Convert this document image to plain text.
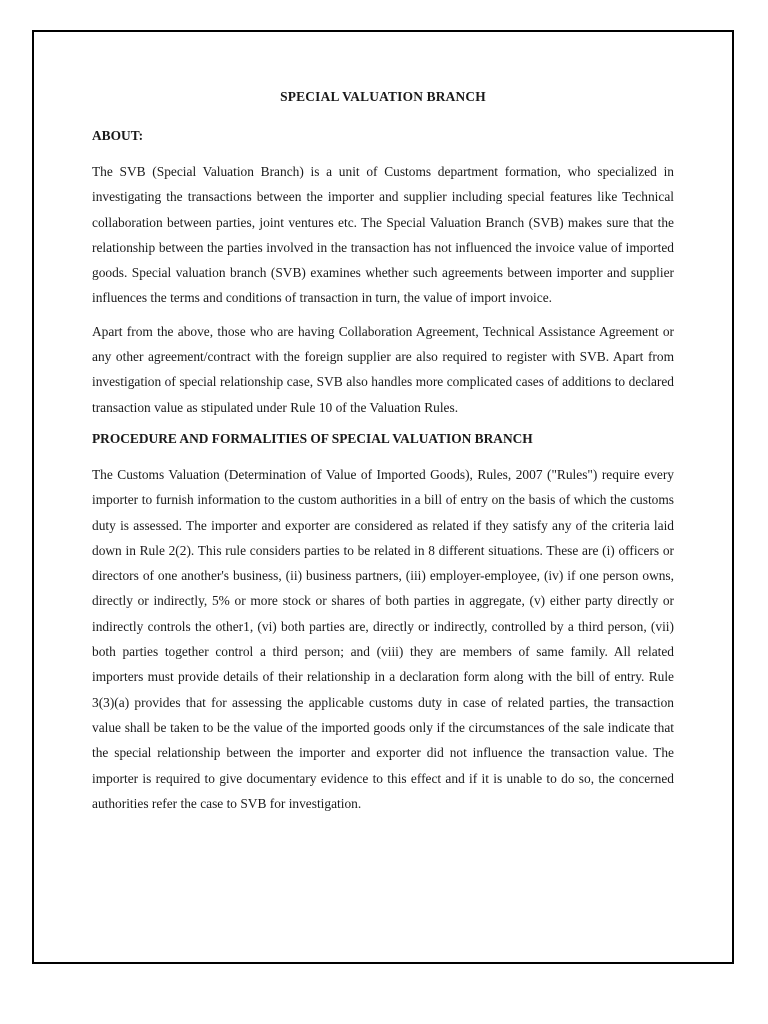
SPECIAL VALUATION BRANCH
ABOUT:

The SVB (Special Valuation Branch) is a unit of Customs department formation, who specialized in investigating the transactions between the importer and supplier including special features like Technical collaboration between parties, joint ventures etc. The Special Valuation Branch (SVB) makes sure that the relationship between the parties involved in the transaction has not influenced the invoice value of imported goods. Special valuation branch (SVB) examines whether such agreements between importer and supplier influences the terms and conditions of transaction in turn, the value of import invoice.

Apart from the above, those who are having Collaboration Agreement, Technical Assistance Agreement or any other agreement/contract with the foreign supplier are also required to register with SVB. Apart from investigation of special relationship case, SVB also handles more complicated cases of additions to declared transaction value as stipulated under Rule 10 of the Valuation Rules.

PROCEDURE AND FORMALITIES OF SPECIAL VALUATION BRANCH

The Customs Valuation (Determination of Value of Imported Goods), Rules, 2007 ("Rules") require every importer to furnish information to the custom authorities in a bill of entry on the basis of which the customs duty is assessed. The importer and exporter are considered as related if they satisfy any of the criteria laid down in Rule 2(2). This rule considers parties to be related in 8 different situations. These are (i) officers or directors of one another's business, (ii) business partners, (iii) employer-employee, (iv) if one person owns, directly or indirectly, 5% or more stock or shares of both parties in aggregate, (v) either party directly or indirectly controls the other1, (vi) both parties are, directly or indirectly, controlled by a third person, (vii) both parties together control a third person; and (viii) they are members of same family. All related importers must provide details of their relationship in a declaration form along with the bill of entry. Rule 3(3)(a) provides that for assessing the applicable customs duty in case of related parties, the transaction value shall be taken to be the value of the imported goods only if the circumstances of the sale indicate that the special relationship between the importer and exporter did not influence the transaction value. The importer is required to give documentary evidence to this effect and if it is unable to do so, the concerned authorities refer the case to SVB for investigation.
